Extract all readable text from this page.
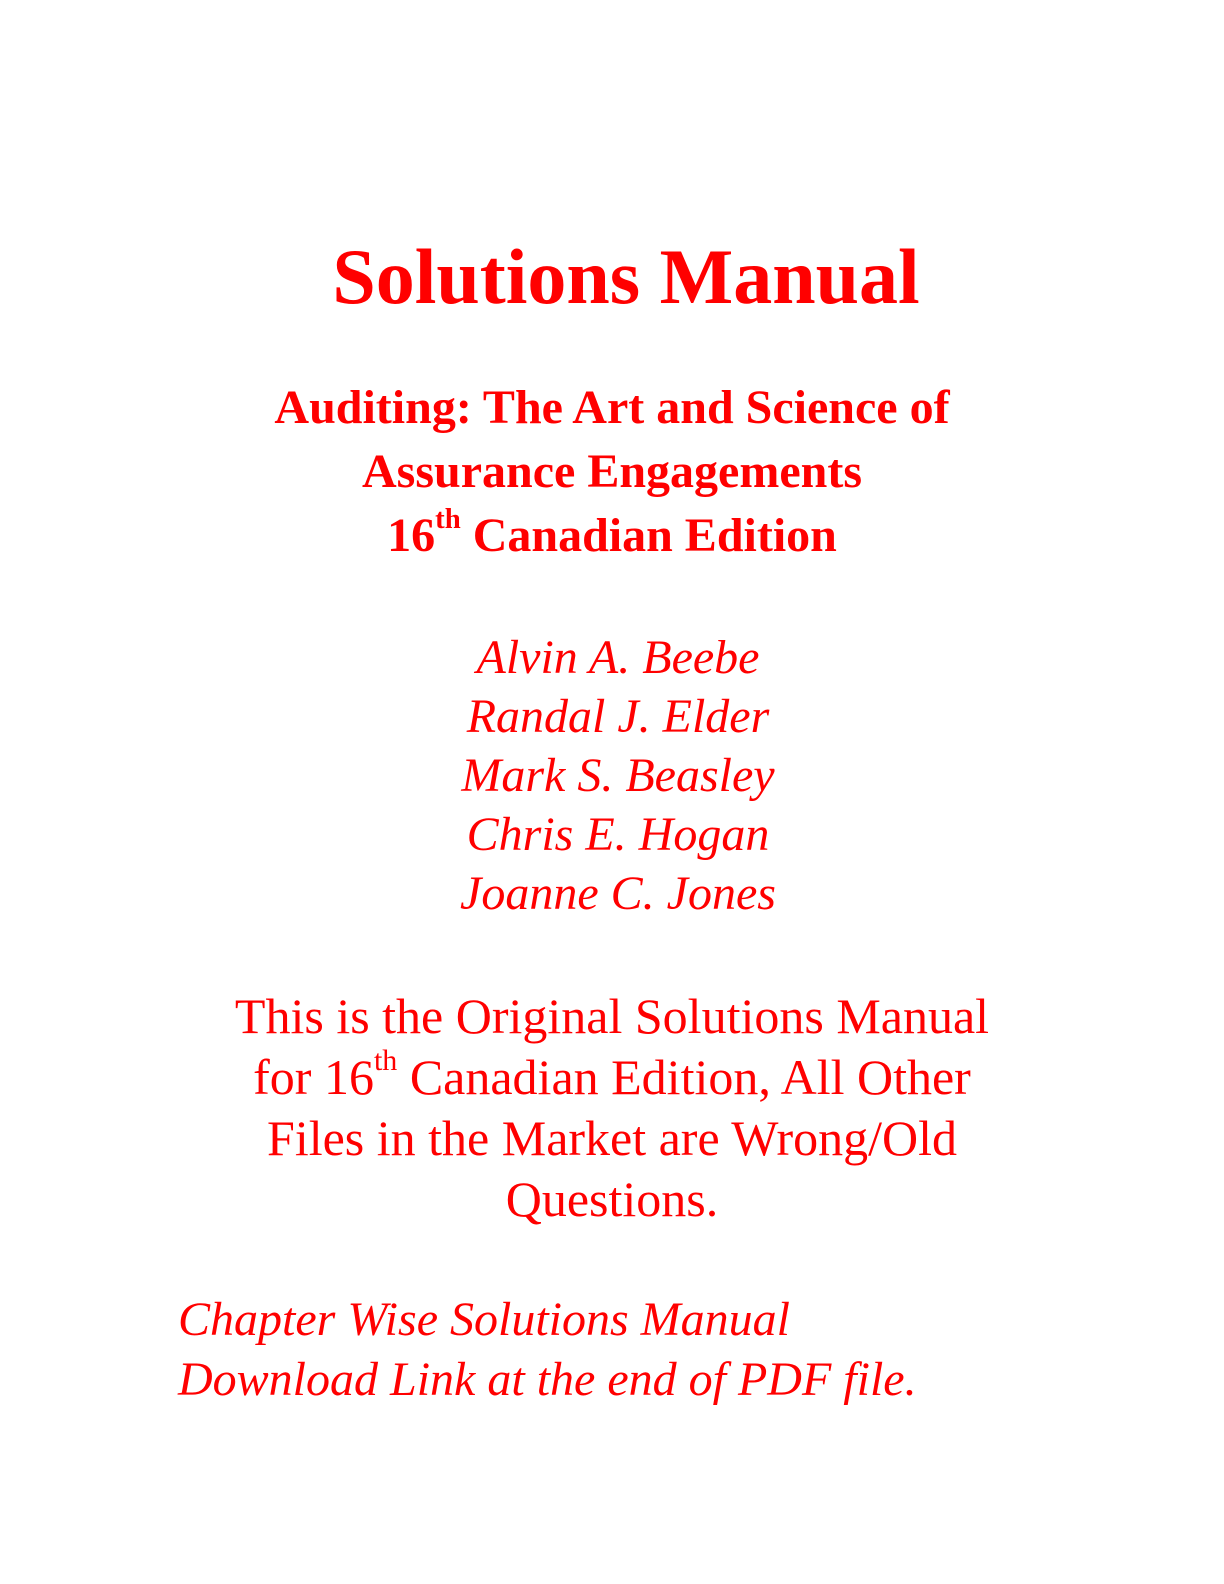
Solutions Manual
Auditing: The Art and Science of
Assurance Engagements
16th Canadian Edition
Alvin A. Beebe
Randal J. Elder
Mark S. Beasley
Chris E. Hogan
Joanne C. Jones
This is the Original Solutions Manual
for 16th Canadian Edition, All Other
Files in the Market are Wrong/Old
Questions.
Chapter Wise Solutions Manual
Download Link at the end of PDF file.
